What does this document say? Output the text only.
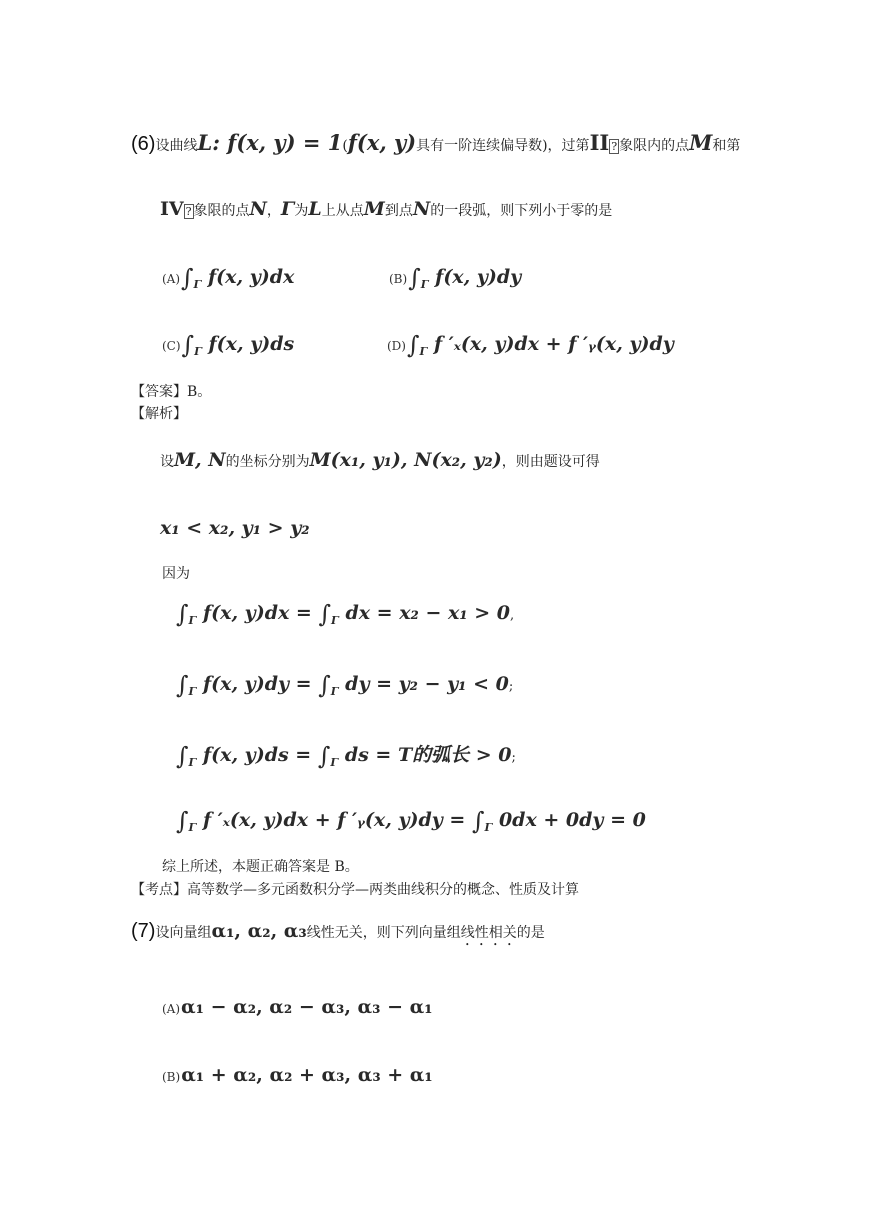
(6)设曲线L: f(x, y) = 1(f(x, y)具有一阶连续偏导数)，过第II ? 象限内的点M和第
IV ? 象限的点N，Γ为L上从点M到点N的一段弧，则下列小于零的是
$(A)\int_\Gamma$ f(x, y)dx	$(B)\int_\Gamma$ f(x, y)dy
$(C)\int_\Gamma$ f(x, y)ds	$(D)\int_\Gamma$ f ′ₓ(x, y)dx + f ′ᵧ(x, y)dy
【答案】B。
【解析】
设M, N的坐标分别为M(x₁, y₁), N(x₂, y₂)，则由题设可得
x₁ < x₂, y₁ > y₂
因为
$\int_\Gamma$ f(x, $y)dx = \int_\Gamma$ dx = x₂ − x₁ > 0,
$\int_\Gamma$ f(x, $y)dy = \int_\Gamma$ dy = y₂ − y₁ < 0;
$\int_\Gamma$ f(x, $y)ds = \int_\Gamma$ ds = T的弧长 > 0;
$\int_\Gamma$ f ′ₓ(x, y)dx + f ′ᵧ(x, $y)dy = \int_\Gamma$ 0dx + 0dy = 0
综上所述，本题正确答案是 B。
【考点】高等数学—多元函数积分学—两类曲线积分的概念、性质及计算
(7)设向量组α₁, α₂, α₃线性无关，则下列向量组线性相关的是
(A)α₁ − α₂, α₂ − α₃, α₃ − α₁
(B)α₁ + α₂, α₂ + α₃, α₃ + α₁
